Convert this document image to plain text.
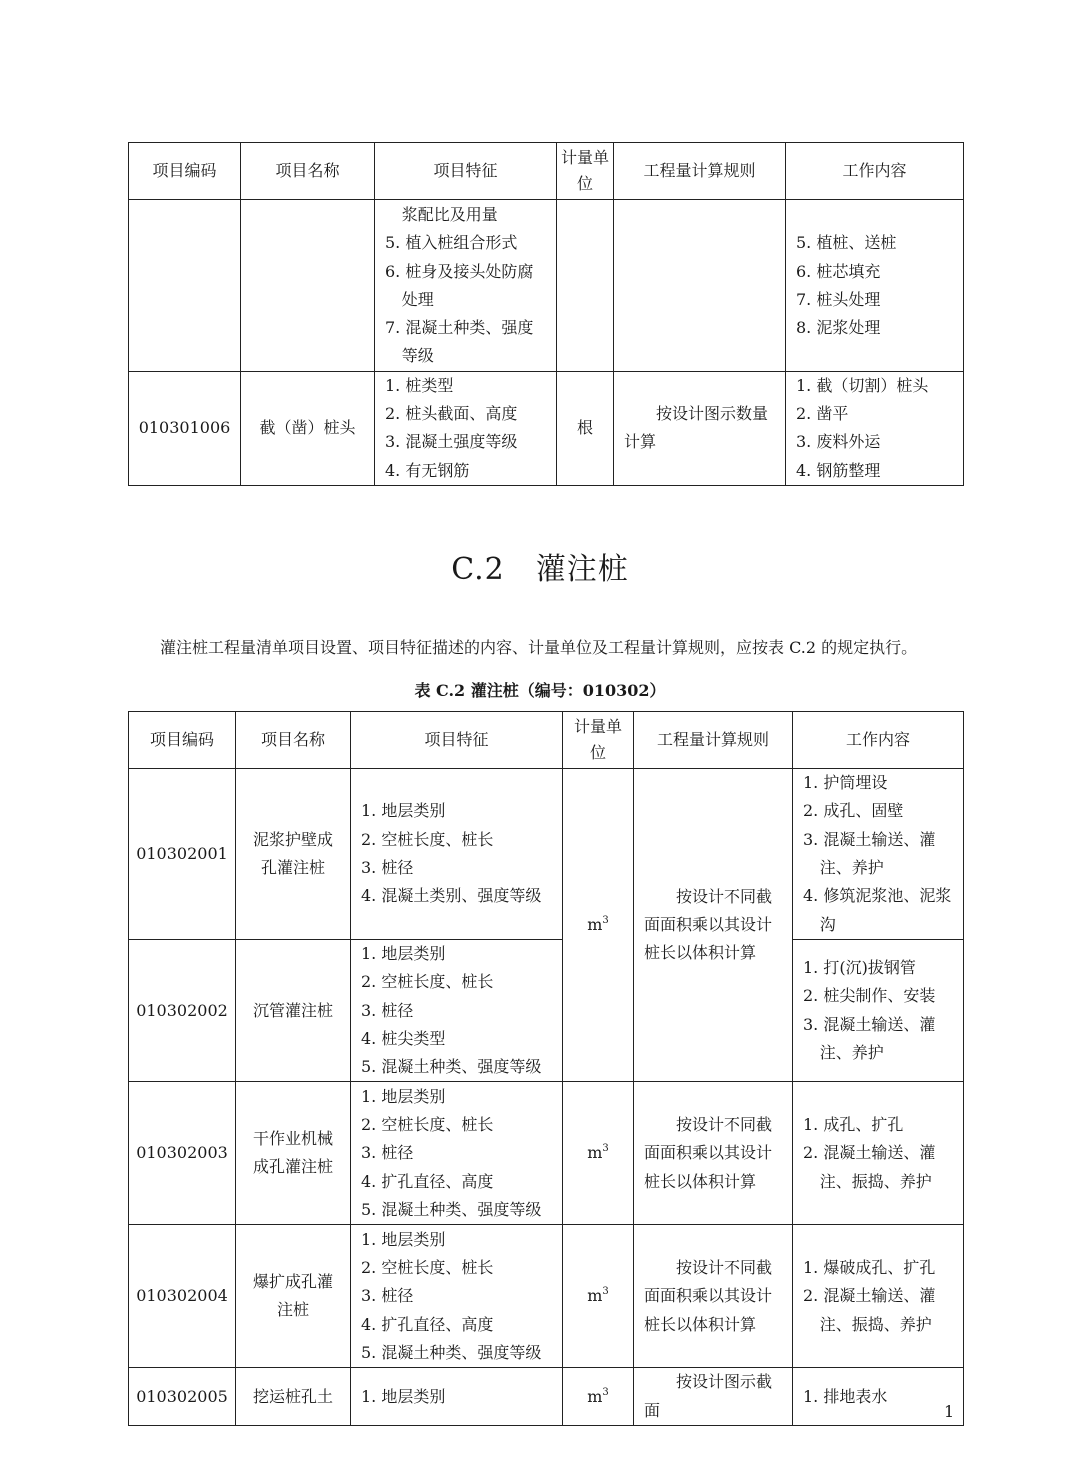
项目编码	项目名称	项目特征	计量单位	工程量计算规则	工作内容

		浆配比及用量
5. 植入桩组合形式
6. 桩身及接头处防腐处理
7. 混凝土种类、强度等级			5. 植桩、送桩
6. 桩芯填充
7. 桩头处理
8. 泥浆处理

010301006	截（凿）桩头	1. 桩类型
2. 桩头截面、高度
3. 混凝土强度等级
4. 有无钢筋	根	按设计图示数量计算	1. 截（切割）桩头
2. 凿平
3. 废料外运
4. 钢筋整理
C.2　灌注桩
灌注桩工程量清单项目设置、项目特征描述的内容、计量单位及工程量计算规则，应按表 C.2 的规定执行。
表 C.2 灌注桩（编号：010302）
项目编码	项目名称	项目特征	计量单位	工程量计算规则	工作内容
010302001	泥浆护壁成孔灌注桩	1. 地层类别
2. 空桩长度、桩长
3. 桩径
4. 混凝土类别、强度等级	$m^3$	按设计不同截面面积乘以其设计桩长以体积计算	1. 护筒埋设
2. 成孔、固壁
3. 混凝土输送、灌注、养护
4. 修筑泥浆池、泥浆沟

010302002	沉管灌注桩	1. 地层类别
2. 空桩长度、桩长
3. 桩径
4. 桩尖类型
5. 混凝土种类、强度等级			1. 打(沉)拔钢管
2. 桩尖制作、安装
3. 混凝土输送、灌注、养护

010302003	干作业机械成孔灌注桩	1. 地层类别
2. 空桩长度、桩长
3. 桩径
4. 扩孔直径、高度
5. 混凝土种类、强度等级	$m^3$	按设计不同截面面积乘以其设计桩长以体积计算	1. 成孔、扩孔
2. 混凝土输送、灌注、振捣、养护

010302004	爆扩成孔灌注桩	1. 地层类别
2. 空桩长度、桩长
3. 桩径
4. 扩孔直径、高度
5. 混凝土种类、强度等级	$m^3$	按设计不同截面面积乘以其设计桩长以体积计算	1. 爆破成孔、扩孔
2. 混凝土输送、灌注、振捣、养护

010302005	挖运桩孔土	1. 地层类别	$m^3$	按设计图示截面	1. 排地表水
1
